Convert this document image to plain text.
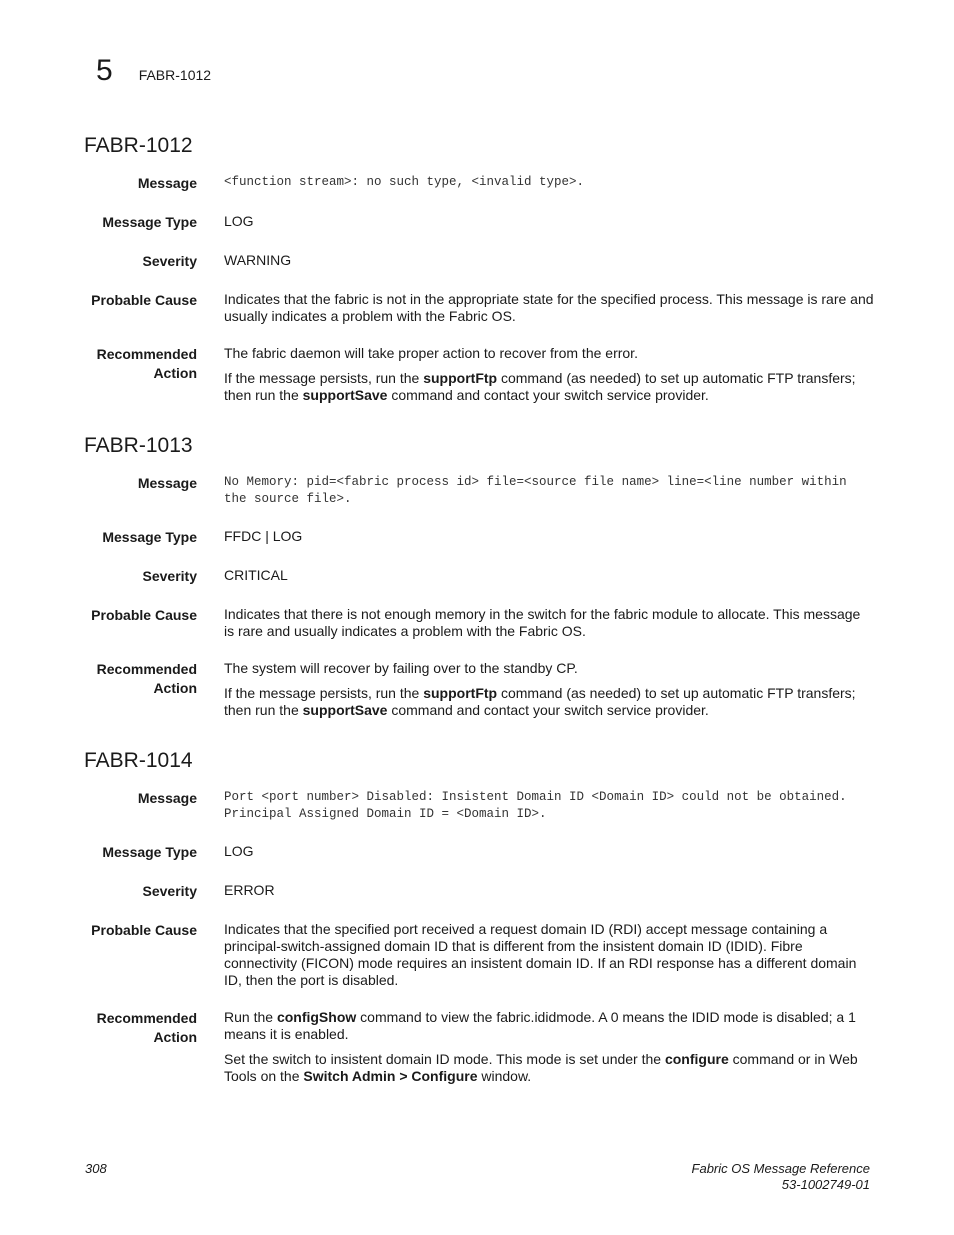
5 FABR-1012
FABR-1012
Message <function stream>: no such type, <invalid type>.
Message Type LOG
Severity WARNING
Probable Cause Indicates that the fabric is not in the appropriate state for the specified process. This message is rare and usually indicates a problem with the Fabric OS.
Recommended
Action

The fabric daemon will take proper action to recover from the error.

If the message persists, run the supportFtp command (as needed) to set up automatic FTP transfers; then run the supportSave command and contact your switch service provider.

FABR-1013
Message No Memory: pid=<fabric process id> file=<source file name> line=<line number within the source file>.
Message Type FFDC | LOG
Severity CRITICAL
Probable Cause Indicates that there is not enough memory in the switch for the fabric module to allocate. This message is rare and usually indicates a problem with the Fabric OS.
Recommended
Action

The system will recover by failing over to the standby CP.

If the message persists, run the supportFtp command (as needed) to set up automatic FTP transfers; then run the supportSave command and contact your switch service provider.

FABR-1014
Message Port <port number> Disabled: Insistent Domain ID <Domain ID> could not be obtained. Principal Assigned Domain ID = <Domain ID>.
Message Type LOG
Severity ERROR
Probable Cause Indicates that the specified port received a request domain ID (RDI) accept message containing a principal-switch-assigned domain ID that is different from the insistent domain ID (IDID). Fibre connectivity (FICON) mode requires an insistent domain ID. If an RDI response has a different domain ID, then the port is disabled.
Recommended
Action

Run the configShow command to view the fabric.ididmode. A 0 means the IDID mode is disabled; a 1 means it is enabled.

Set the switch to insistent domain ID mode. This mode is set under the configure command or in Web Tools on the Switch Admin > Configure window.

308	Fabric OS Message Reference
53-1002749-01
